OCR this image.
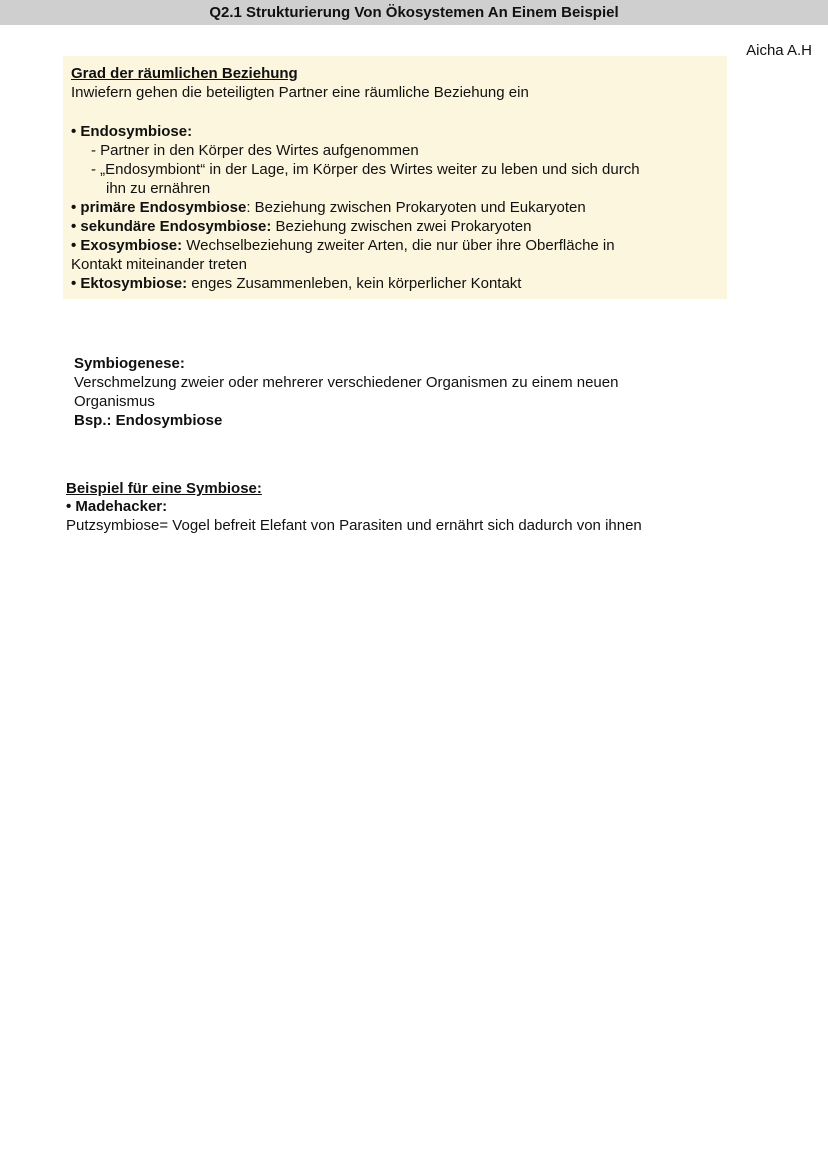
Q2.1 Strukturierung Von Ökosystemen An Einem Beispiel
Aicha A.H
Grad der räumlichen Beziehung
Inwiefern gehen die beteiligten Partner eine räumliche Beziehung ein
• Endosymbiose:
- Partner in den Körper des Wirtes aufgenommen
- „Endosymbiont“ in der Lage, im Körper des Wirtes weiter zu leben und sich durch
ihn zu ernähren
• primäre Endosymbiose: Beziehung zwischen Prokaryoten und Eukaryoten
• sekundäre Endosymbiose: Beziehung zwischen zwei Prokaryoten
• Exosymbiose: Wechselbeziehung zweiter Arten, die nur über ihre Oberfläche in
Kontakt miteinander treten
• Ektosymbiose: enges Zusammenleben, kein körperlicher Kontakt
Symbiogenese:
Verschmelzung zweier oder mehrerer verschiedener Organismen zu einem neuen
Organismus
Bsp.: Endosymbiose
Beispiel für eine Symbiose:
• Madehacker:
Putzsymbiose= Vogel befreit Elefant von Parasiten und ernährt sich dadurch von ihnen
